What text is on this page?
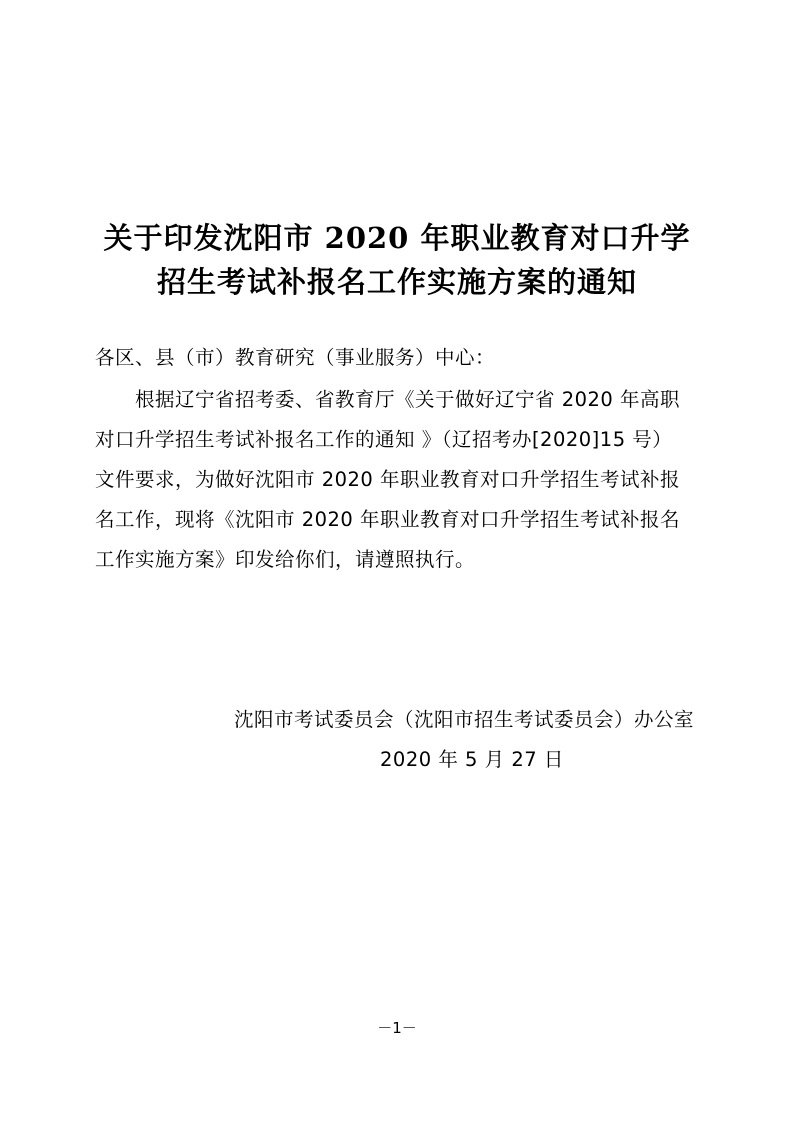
关于印发沈阳市 2020 年职业教育对口升学
招生考试补报名工作实施方案的通知
各区、县（市）教育研究（事业服务）中心：
根据辽宁省招考委、省教育厅《关于做好辽宁省 2020 年高职
对口升学招生考试补报名工作的通知 》（辽招考办[2020]15 号）
文件要求，为做好沈阳市 2020 年职业教育对口升学招生考试补报
名工作，现将《沈阳市 2020 年职业教育对口升学招生考试补报名
工作实施方案》印发给你们，请遵照执行。
沈阳市考试委员会（沈阳市招生考试委员会）办公室
2020 年 5 月 27 日
－1－
